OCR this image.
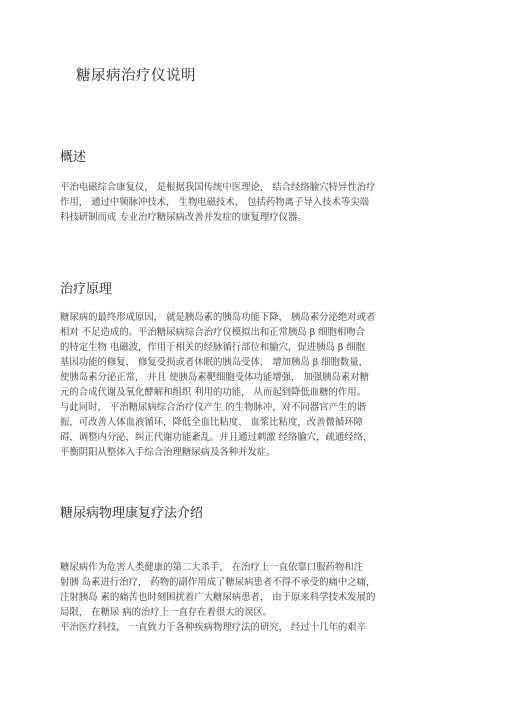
糖尿病治疗仪说明
概述

平治电磁综合康复仪， 是根据我国传统中医理论， 结合经络腧穴特异性治疗
作用， 通过中频脉冲技术， 生物电磁技术， 包括药物离子导入技术等尖端
科技研制而成 专业治疗糖尿病改善并发症的康复理疗仪器。

治疗原理

糖尿病的最终形成原因， 就是胰岛素的胰岛功能下降， 胰岛素分泌绝对或者
相对 不足造成的。平治糖尿病综合治疗仪模拟出和正常胰岛 β 细胞相吻合
的特定生物 电磁波，作用于相关的经脉循行部位和腧穴，促进胰岛 β 细胞
基因功能的修复， 修复受损或者休眠的胰岛受体， 增加胰岛 β 细胞数量，
使胰岛素分泌正常， 并且 使胰岛素靶细胞受体功能增强， 加强胰岛素对糖
元的合成代谢及氧化酵解和组织 利用的功能， 从而起到降低血糖的作用。
与此同时， 平治糖尿病综合治疗仪产生 的生物脉冲，对不同器官产生的谐
振，可改善人体血液循环，降低全血比粘度、 血浆比粘度，改善微循环障
碍，调整内分泌，纠正代谢功能紊乱。并且通过刺激 经络腧穴，疏通经络，
平衡阴阳从整体入手综合治理糖尿病及各种并发症。

糖尿病物理康复疗法介绍

糖尿病作为危害人类健康的第二大杀手， 在治疗上一直依靠口服药物和注
射胰 岛素进行治疗， 药物的副作用成了糖尿病患者不得不承受的痛中之痛，
注射胰岛 素的痛苦也时刻困扰着广大糖尿病患者， 由于原来科学技术发展的
局限， 在糖尿 病的治疗上一直存在着很大的误区。
平治医疗科技， 一直致力于各种疾病物理疗法的研究， 经过十几年的艰辛
